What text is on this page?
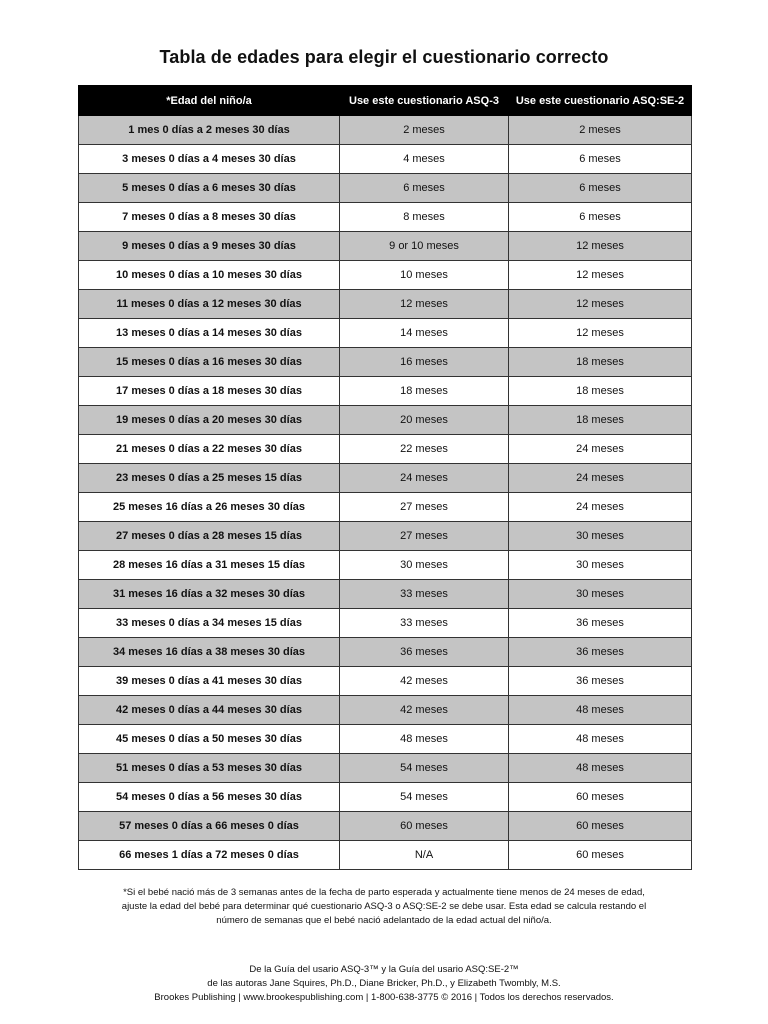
Tabla de edades para elegir el cuestionario correcto
*Edad del niño/a	Use este cuestionario ASQ-3	Use este cuestionario ASQ:SE-2
1 mes 0 días a 2 meses 30 días	2 meses	2 meses
3 meses 0 días a 4 meses 30 días	4 meses	6 meses
5 meses 0 días a 6 meses 30 días	6 meses	6 meses
7 meses 0 días a 8 meses 30 días	8 meses	6 meses
9 meses 0 días a 9 meses 30 días	9 or 10 meses	12 meses
10 meses 0 días a 10 meses 30 días	10 meses	12 meses
11 meses 0 días a 12 meses 30 días	12 meses	12 meses
13 meses 0 días a 14 meses 30 días	14 meses	12 meses
15 meses 0 días a 16 meses 30 días	16 meses	18 meses
17 meses 0 días a 18 meses 30 días	18 meses	18 meses
19 meses 0 días a 20 meses 30 días	20 meses	18 meses
21 meses 0 días a 22 meses 30 días	22 meses	24 meses
23 meses 0 días a 25 meses 15 días	24 meses	24 meses
25 meses 16 días a 26 meses 30 días	27 meses	24 meses
27 meses 0 días a 28 meses 15 días	27 meses	30 meses
28 meses 16 días a 31 meses 15 días	30 meses	30 meses
31 meses 16 días a 32 meses 30 días	33 meses	30 meses
33 meses 0 días a 34 meses 15 días	33 meses	36 meses
34 meses 16 días a 38 meses 30 días	36 meses	36 meses
39 meses 0 días a 41 meses 30 días	42 meses	36 meses
42 meses 0 días a 44 meses 30 días	42 meses	48 meses
45 meses 0 días a 50 meses 30 días	48 meses	48 meses
51 meses 0 días a 53 meses 30 días	54 meses	48 meses
54 meses 0 días a 56 meses 30 días	54 meses	60 meses
57 meses 0 días a 66 meses 0 días	60 meses	60 meses
66 meses 1 días a 72 meses 0 días	N/A	60 meses

*Si el bebé nació más de 3 semanas antes de la fecha de parto esperada y actualmente tiene menos de 24 meses de edad,

ajuste la edad del bebé para determinar qué cuestionario ASQ-3 o ASQ:SE-2 se debe usar. Esta edad se calcula restando el

número de semanas que el bebé nació adelantado de la edad actual del niño/a.

De la Guía del usario ASQ-3™ y la Guía del usario ASQ:SE-2™

de las autoras Jane Squires, Ph.D., Diane Bricker, Ph.D., y Elizabeth Twombly, M.S.

Brookes Publishing | www.brookespublishing.com | 1-800-638-3775 © 2016 | Todos los derechos reservados.
